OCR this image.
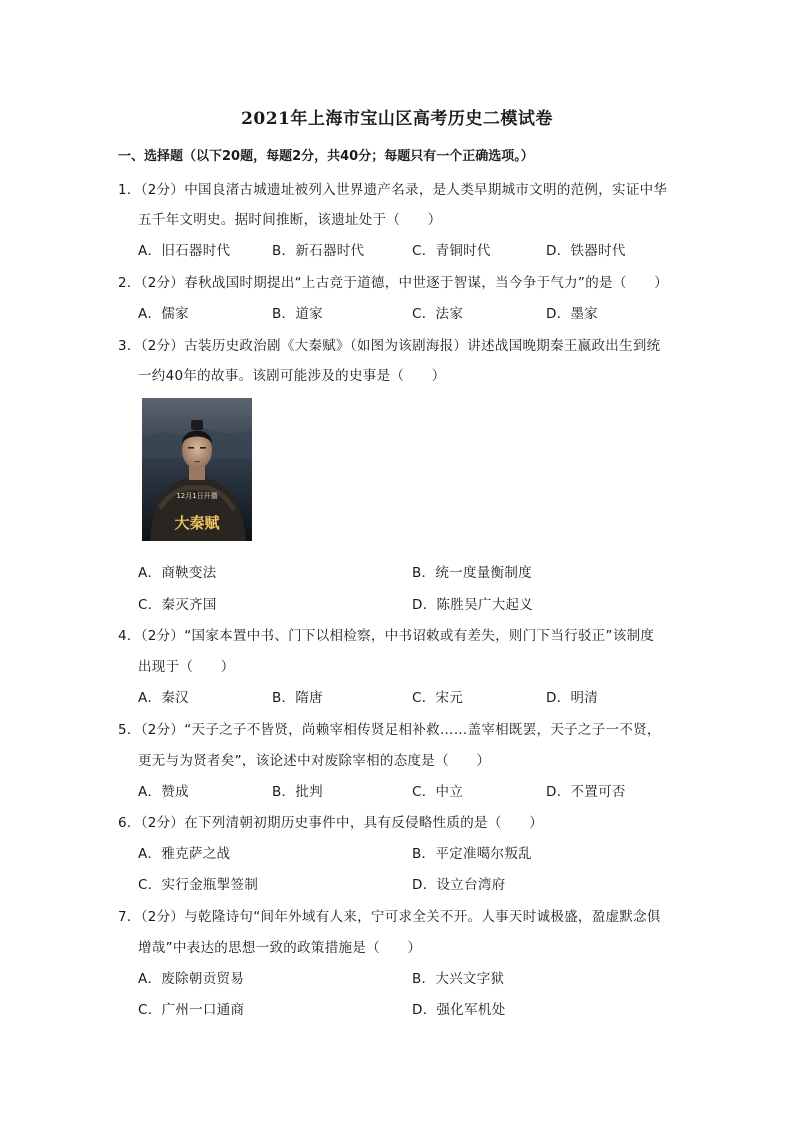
2021年上海市宝山区高考历史二模试卷
一、选择题（以下20题，每题2分，共40分；每题只有一个正确选项。）
1．（2分）中国良渚古城遗址被列入世界遗产名录，是人类早期城市文明的范例，实证中华
五千年文明史。据时间推断，该遗址处于（　　）
A．旧石器时代	B．新石器时代	C．青铜时代	D．铁器时代
2．（2分）春秋战国时期提出“上古竞于道德，中世逐于智谋，当今争于气力”的是（　　）
A．儒家	B．道家	C．法家	D．墨家
3．（2分）古装历史政治剧《大秦赋》（如图为该剧海报）讲述战国晚期秦王嬴政出生到统
一约40年的故事。该剧可能涉及的史事是（　　）
12月1日开播
大秦赋
A．商鞅变法	B．统一度量衡制度
C．秦灭齐国	D．陈胜吴广大起义
4．（2分）“国家本置中书、门下以相检察，中书诏敕或有差失，则门下当行驳正”该制度
出现于（　　）
A．秦汉	B．隋唐	C．宋元	D．明清
5．（2分）“天子之子不皆贤，尚赖宰相传贤足相补救……盖宰相既罢，天子之子一不贤，
更无与为贤者矣”，该论述中对废除宰相的态度是（　　）
A．赞成	B．批判	C．中立	D．不置可否
6．（2分）在下列清朝初期历史事件中，具有反侵略性质的是（　　）
A．雅克萨之战	B．平定准噶尔叛乱
C．实行金瓶掣签制	D．设立台湾府
7．（2分）与乾隆诗句“间年外域有人来，宁可求全关不开。人事天时诚极盛，盈虚默念俱
增哉”中表达的思想一致的政策措施是（　　）
A．废除朝贡贸易	B．大兴文字狱
C．广州一口通商	D．强化军机处
